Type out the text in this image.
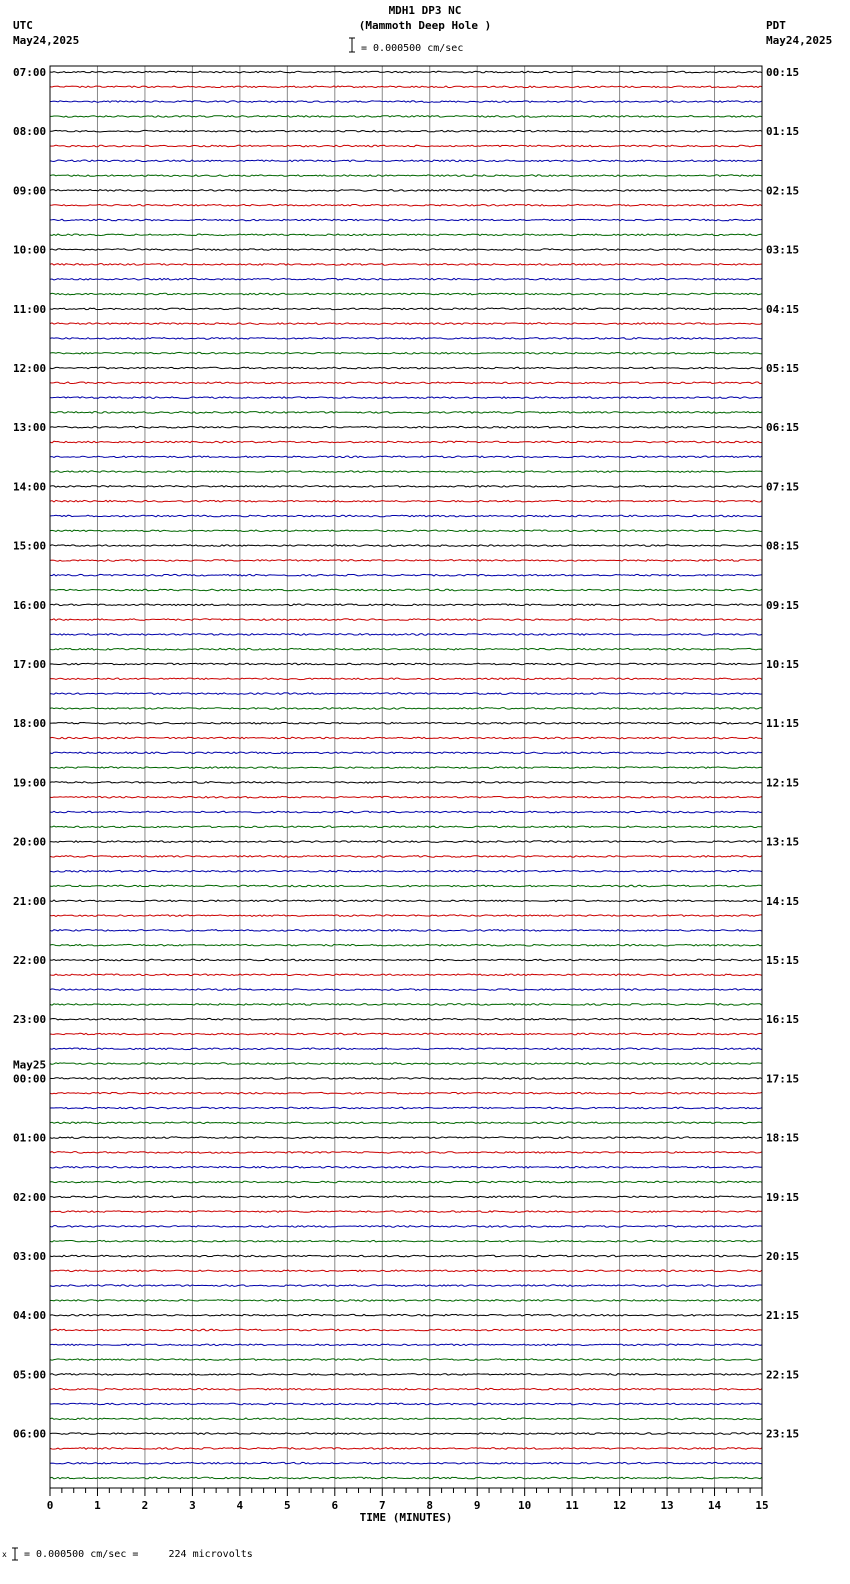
MDH1 DP3 NC
(Mammoth Deep Hole )
UTC
May24,2025
PDT
May24,2025
= 0.000500 cm/sec
0	1	2	3	4	5	6	7	8	9	10	11	12	13	14	15
07:00
08:00
09:00
10:00
11:00
12:00
13:00
14:00
15:00
16:00
17:00
18:00
19:00
20:00
21:00
22:00
23:00
00:00
May25
01:00
02:00
03:00
04:00
05:00
06:00
00:15
01:15
02:15
03:15
04:15
05:15
06:15
07:15
08:15
09:15
10:15
11:15
12:15
13:15
14:15
15:15
16:15
17:15
18:15
19:15
20:15
21:15
22:15
23:15
TIME (MINUTES)
x = 0.000500 cm/sec =     224 microvolts
